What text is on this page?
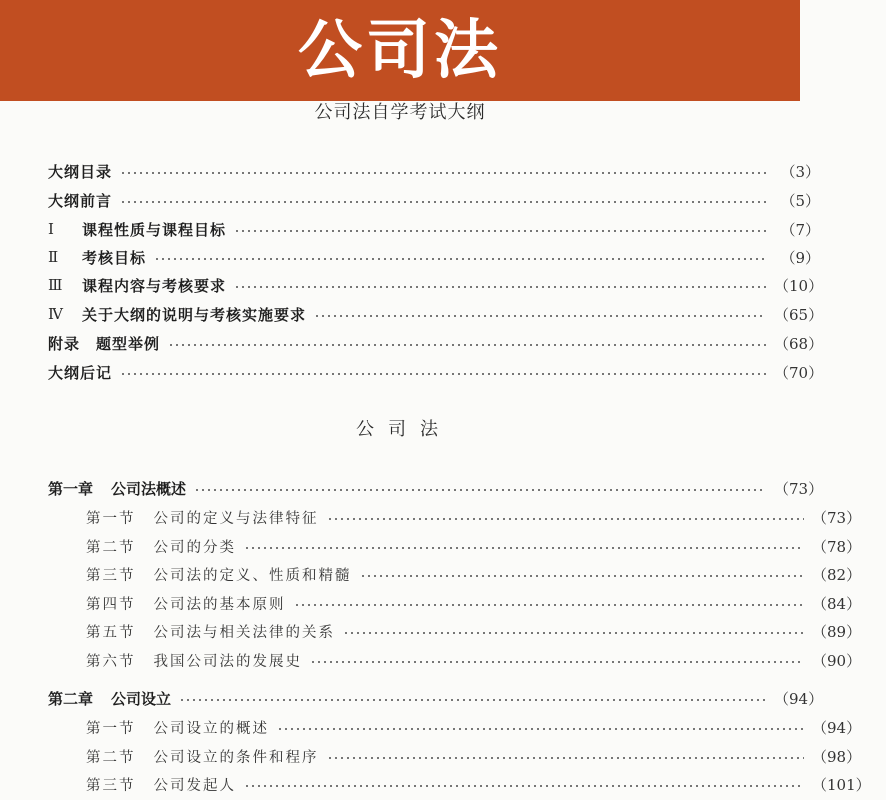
公司法
公司法自学考试大纲
大纲目录	（3）
大纲前言	（5）
Ⅰ	课程性质与课程目标	（7）
Ⅱ	考核目标	（9）
Ⅲ	课程内容与考核要求	（10）
Ⅳ	关于大纲的说明与考核实施要求	（65）
附录　题型举例	（68）
大纲后记	（70）
公司法
第一章 公司法概述	（73）
第一节 公司的定义与法律特征	（73）
第二节 公司的分类	（78）
第三节 公司法的定义、性质和精髓	（82）
第四节 公司法的基本原则	（84）
第五节 公司法与相关法律的关系	（89）
第六节 我国公司法的发展史	（90）
第二章 公司设立	（94）
第一节 公司设立的概述	（94）
第二节 公司设立的条件和程序	（98）
第三节 公司发起人	（101）
